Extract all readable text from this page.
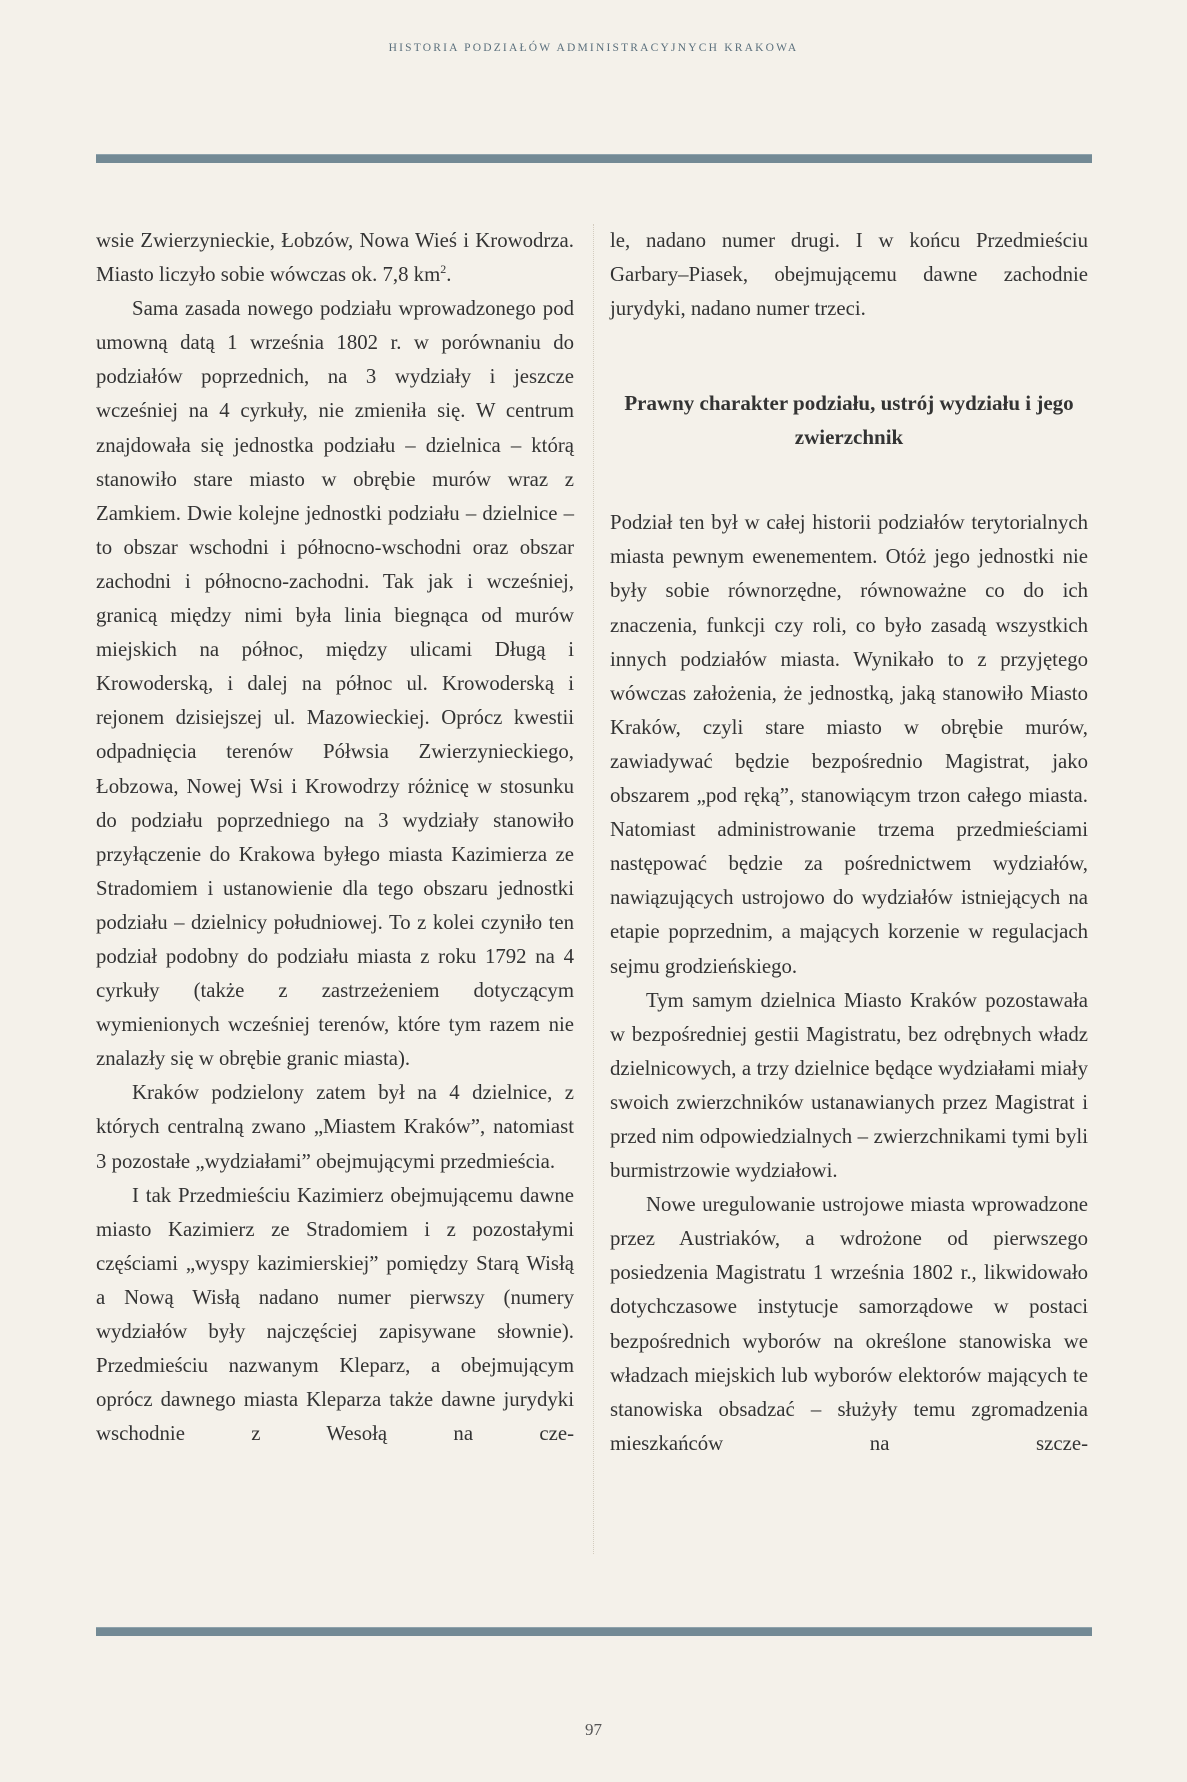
HISTORIA PODZIAŁÓW ADMINISTRACYJNYCH KRAKOWA

wsie Zwierzynieckie, Łobzów, Nowa Wieś i Krowodrza. Miasto liczyło sobie wówczas ok. 7,8 $km^2$.

Sama zasada nowego podziału wprowadzonego pod umowną datą 1 września 1802 r. w porównaniu do podziałów poprzednich, na 3 wydziały i jeszcze wcześniej na 4 cyrkuły, nie zmieniła się. W centrum znajdowała się jednostka podziału – dzielnica – którą stanowiło stare miasto w obrębie murów wraz z Zamkiem. Dwie kolejne jednostki podziału – dzielnice – to obszar wschodni i północno-wschodni oraz obszar zachodni i północno-zachodni. Tak jak i wcześniej, granicą między nimi była linia biegnąca od murów miejskich na północ, między ulicami Długą i Krowoderską, i dalej na północ ul. Krowoderską i rejonem dzisiejszej ul. Mazowieckiej. Oprócz kwestii odpadnięcia terenów Półwsia Zwierzynieckiego, Łobzowa, Nowej Wsi i Krowodrzy różnicę w stosunku do podziału poprzedniego na 3 wydziały stanowiło przyłączenie do Krakowa byłego miasta Kazimierza ze Stradomiem i ustanowienie dla tego obszaru jednostki podziału – dzielnicy południowej. To z kolei czyniło ten podział podobny do podziału miasta z roku 1792 na 4 cyrkuły (także z zastrzeżeniem dotyczącym wymienionych wcześniej terenów, które tym razem nie znalazły się w obrębie granic miasta).

Kraków podzielony zatem był na 4 dzielnice, z których centralną zwano „Miastem Kraków”, natomiast 3 pozostałe „wydziałami” obejmującymi przedmieścia.

I tak Przedmieściu Kazimierz obejmującemu dawne miasto Kazimierz ze Stradomiem i z pozostałymi częściami „wyspy kazimierskiej” pomiędzy Starą Wisłą a Nową Wisłą nadano numer pierwszy (numery wydziałów były najczęściej zapisywane słownie). Przedmieściu nazwanym Kleparz, a obejmującym oprócz dawnego miasta Kleparza także dawne jurydyki wschodnie z Wesołą na cze-

le, nadano numer drugi. I w końcu Przedmieściu Garbary–Piasek, obejmującemu dawne zachodnie jurydyki, nadano numer trzeci.

Prawny charakter podziału, ustrój wydziału i jego zwierzchnik

Podział ten był w całej historii podziałów terytorialnych miasta pewnym ewenementem. Otóż jego jednostki nie były sobie równorzędne, równoważne co do ich znaczenia, funkcji czy roli, co było zasadą wszystkich innych podziałów miasta. Wynikało to z przyjętego wówczas założenia, że jednostką, jaką stanowiło Miasto Kraków, czyli stare miasto w obrębie murów, zawiadywać będzie bezpośrednio Magistrat, jako obszarem „pod ręką”, stanowiącym trzon całego miasta. Natomiast administrowanie trzema przedmieściami następować będzie za pośrednictwem wydziałów, nawiązujących ustrojowo do wydziałów istniejących na etapie poprzednim, a mających korzenie w regulacjach sejmu grodzieńskiego.

Tym samym dzielnica Miasto Kraków pozostawała w bezpośredniej gestii Magistratu, bez odrębnych władz dzielnicowych, a trzy dzielnice będące wydziałami miały swoich zwierzchników ustanawianych przez Magistrat i przed nim odpowiedzialnych – zwierzchnikami tymi byli burmistrzowie wydziałowi.

Nowe uregulowanie ustrojowe miasta wprowadzone przez Austriaków, a wdrożone od pierwszego posiedzenia Magistratu 1 września 1802 r., likwidowało dotychczasowe instytucje samorządowe w postaci bezpośrednich wyborów na określone stanowiska we władzach miejskich lub wyborów elektorów mających te stanowiska obsadzać – służyły temu zgromadzenia mieszkańców na szcze-

97
